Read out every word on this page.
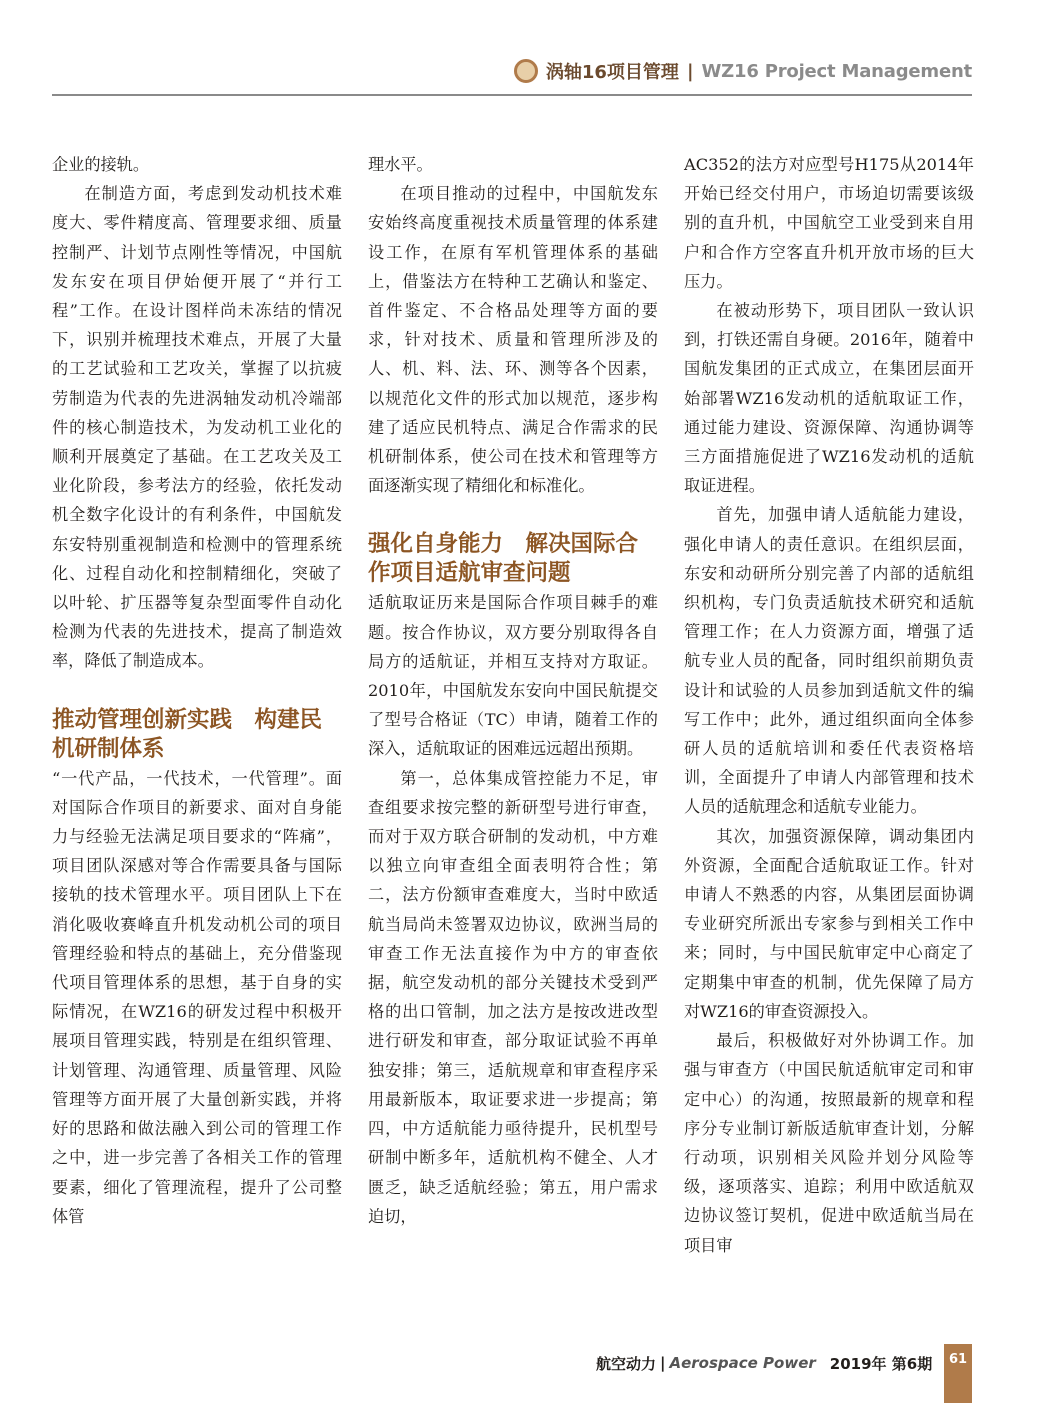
涡轴16项目管理 | WZ16 Project Management

企业的接轨。

在制造方面，考虑到发动机技术难度大、零件精度高、管理要求细、质量控制严、计划节点刚性等情况，中国航发东安在项目伊始便开展了“并行工程”工作。在设计图样尚未冻结的情况下，识别并梳理技术难点，开展了大量的工艺试验和工艺攻关，掌握了以抗疲劳制造为代表的先进涡轴发动机冷端部件的核心制造技术，为发动机工业化的顺利开展奠定了基础。在工艺攻关及工业化阶段，参考法方的经验，依托发动机全数字化设计的有利条件，中国航发东安特别重视制造和检测中的管理系统化、过程自动化和控制精细化，突破了以叶轮、扩压器等复杂型面零件自动化检测为代表的先进技术，提高了制造效率，降低了制造成本。

推动管理创新实践　构建民机研制体系

“一代产品，一代技术，一代管理”。面对国际合作项目的新要求、面对自身能力与经验无法满足项目要求的“阵痛”，项目团队深感对等合作需要具备与国际接轨的技术管理水平。项目团队上下在消化吸收赛峰直升机发动机公司的项目管理经验和特点的基础上，充分借鉴现代项目管理体系的思想，基于自身的实际情况，在WZ16的研发过程中积极开展项目管理实践，特别是在组织管理、计划管理、沟通管理、质量管理、风险管理等方面开展了大量创新实践，并将好的思路和做法融入到公司的管理工作之中，进一步完善了各相关工作的管理要素，细化了管理流程，提升了公司整体管

理水平。

在项目推动的过程中，中国航发东安始终高度重视技术质量管理的体系建设工作，在原有军机管理体系的基础上，借鉴法方在特种工艺确认和鉴定、首件鉴定、不合格品处理等方面的要求，针对技术、质量和管理所涉及的人、机、料、法、环、测等各个因素，以规范化文件的形式加以规范，逐步构建了适应民机特点、满足合作需求的民机研制体系，使公司在技术和管理等方面逐渐实现了精细化和标准化。

强化自身能力　解决国际合作项目适航审查问题

适航取证历来是国际合作项目棘手的难题。按合作协议，双方要分别取得各自局方的适航证，并相互支持对方取证。2010年，中国航发东安向中国民航提交了型号合格证（TC）申请，随着工作的深入，适航取证的困难远远超出预期。

第一，总体集成管控能力不足，审查组要求按完整的新研型号进行审查，而对于双方联合研制的发动机，中方难以独立向审查组全面表明符合性；第二，法方份额审查难度大，当时中欧适航当局尚未签署双边协议，欧洲当局的审查工作无法直接作为中方的审查依据，航空发动机的部分关键技术受到严格的出口管制，加之法方是按改进改型进行研发和审查，部分取证试验不再单独安排；第三，适航规章和审查程序采用最新版本，取证要求进一步提高；第四，中方适航能力亟待提升，民机型号研制中断多年，适航机构不健全、人才匮乏，缺乏适航经验；第五，用户需求迫切，

AC352的法方对应型号H175从2014年开始已经交付用户，市场迫切需要该级别的直升机，中国航空工业受到来自用户和合作方空客直升机开放市场的巨大压力。

在被动形势下，项目团队一致认识到，打铁还需自身硬。2016年，随着中国航发集团的正式成立，在集团层面开始部署WZ16发动机的适航取证工作，通过能力建设、资源保障、沟通协调等三方面措施促进了WZ16发动机的适航取证进程。

首先，加强申请人适航能力建设，强化申请人的责任意识。在组织层面，东安和动研所分别完善了内部的适航组织机构，专门负责适航技术研究和适航管理工作；在人力资源方面，增强了适航专业人员的配备，同时组织前期负责设计和试验的人员参加到适航文件的编写工作中；此外，通过组织面向全体参研人员的适航培训和委任代表资格培训，全面提升了申请人内部管理和技术人员的适航理念和适航专业能力。

其次，加强资源保障，调动集团内外资源，全面配合适航取证工作。针对申请人不熟悉的内容，从集团层面协调专业研究所派出专家参与到相关工作中来；同时，与中国民航审定中心商定了定期集中审查的机制，优先保障了局方对WZ16的审查资源投入。

最后，积极做好对外协调工作。加强与审查方（中国民航适航审定司和审定中心）的沟通，按照最新的规章和程序分专业制订新版适航审查计划，分解行动项，识别相关风险并划分风险等级，逐项落实、追踪；利用中欧适航双边协议签订契机，促进中欧适航当局在项目审

航空动力 | Aerospace Power 2019年 第6期	61
